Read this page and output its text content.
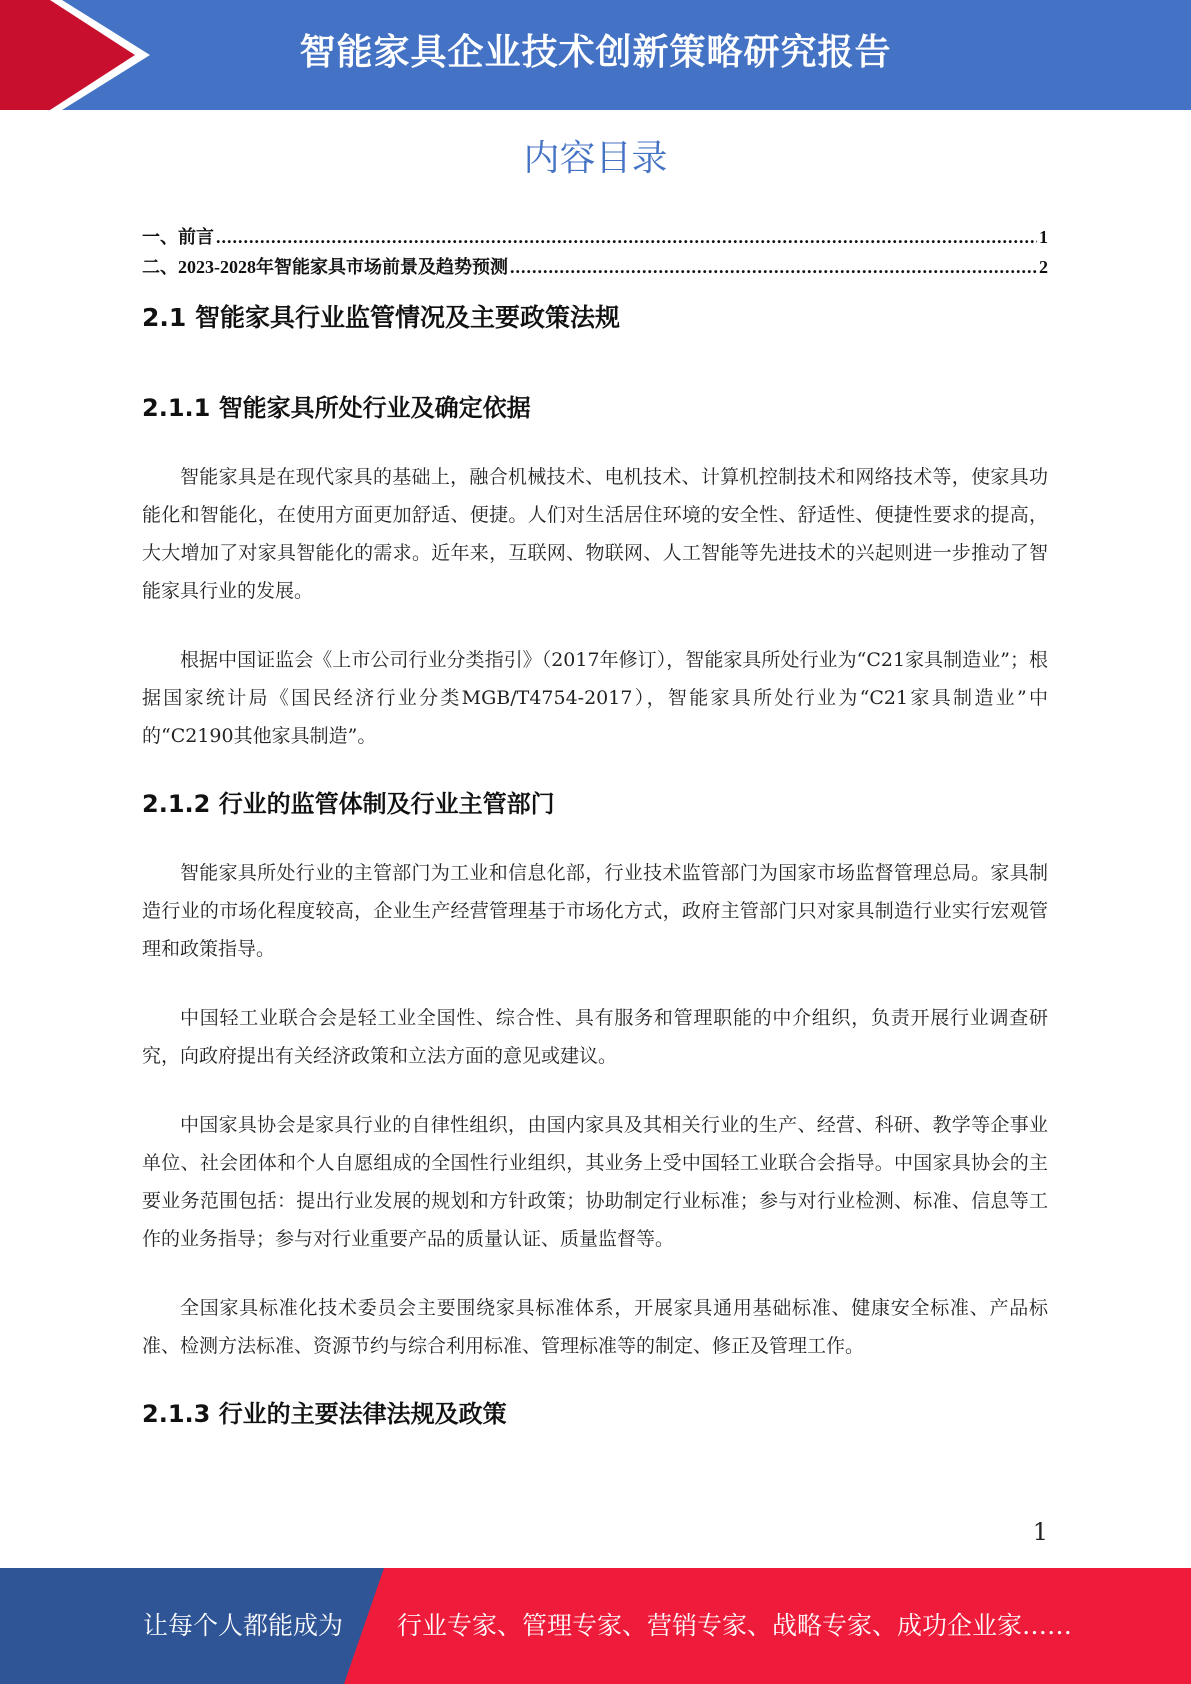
智能家具企业技术创新策略研究报告
内容目录
一、前言 .....	1
二、2023-2028年智能家具市场前景及趋势预测 .....	2
2.1 智能家具行业监管情况及主要政策法规
2.1.1 智能家具所处行业及确定依据

智能家具是在现代家具的基础上，融合机械技术、电机技术、计算机控制技术和网络技术等，使家具功能化和智能化，在使用方面更加舒适、便捷。人们对生活居住环境的安全性、舒适性、便捷性要求的提高，大大增加了对家具智能化的需求。近年来，互联网、物联网、人工智能等先进技术的兴起则进一步推动了智能家具行业的发展。

根据中国证监会《上市公司行业分类指引》（2017年修订），智能家具所处行业为“C21家具制造业”；根据国家统计局《国民经济行业分类MGB/T4754-2017），智能家具所处行业为“C21家具制造业”中的“C2190其他家具制造”。

2.1.2 行业的监管体制及行业主管部门

智能家具所处行业的主管部门为工业和信息化部，行业技术监管部门为国家市场监督管理总局。家具制造行业的市场化程度较高，企业生产经营管理基于市场化方式，政府主管部门只对家具制造行业实行宏观管理和政策指导。

中国轻工业联合会是轻工业全国性、综合性、具有服务和管理职能的中介组织，负责开展行业调查研究，向政府提出有关经济政策和立法方面的意见或建议。

中国家具协会是家具行业的自律性组织，由国内家具及其相关行业的生产、经营、科研、教学等企事业单位、社会团体和个人自愿组成的全国性行业组织，其业务上受中国轻工业联合会指导。中国家具协会的主要业务范围包括：提出行业发展的规划和方针政策；协助制定行业标准；参与对行业检测、标准、信息等工作的业务指导；参与对行业重要产品的质量认证、质量监督等。

全国家具标准化技术委员会主要围绕家具标准体系，开展家具通用基础标准、健康安全标准、产品标准、检测方法标准、资源节约与综合利用标准、管理标准等的制定、修正及管理工作。

2.1.3 行业的主要法律法规及政策
1
让每个人都能成为 行业专家、管理专家、营销专家、战略专家、成功企业家……
